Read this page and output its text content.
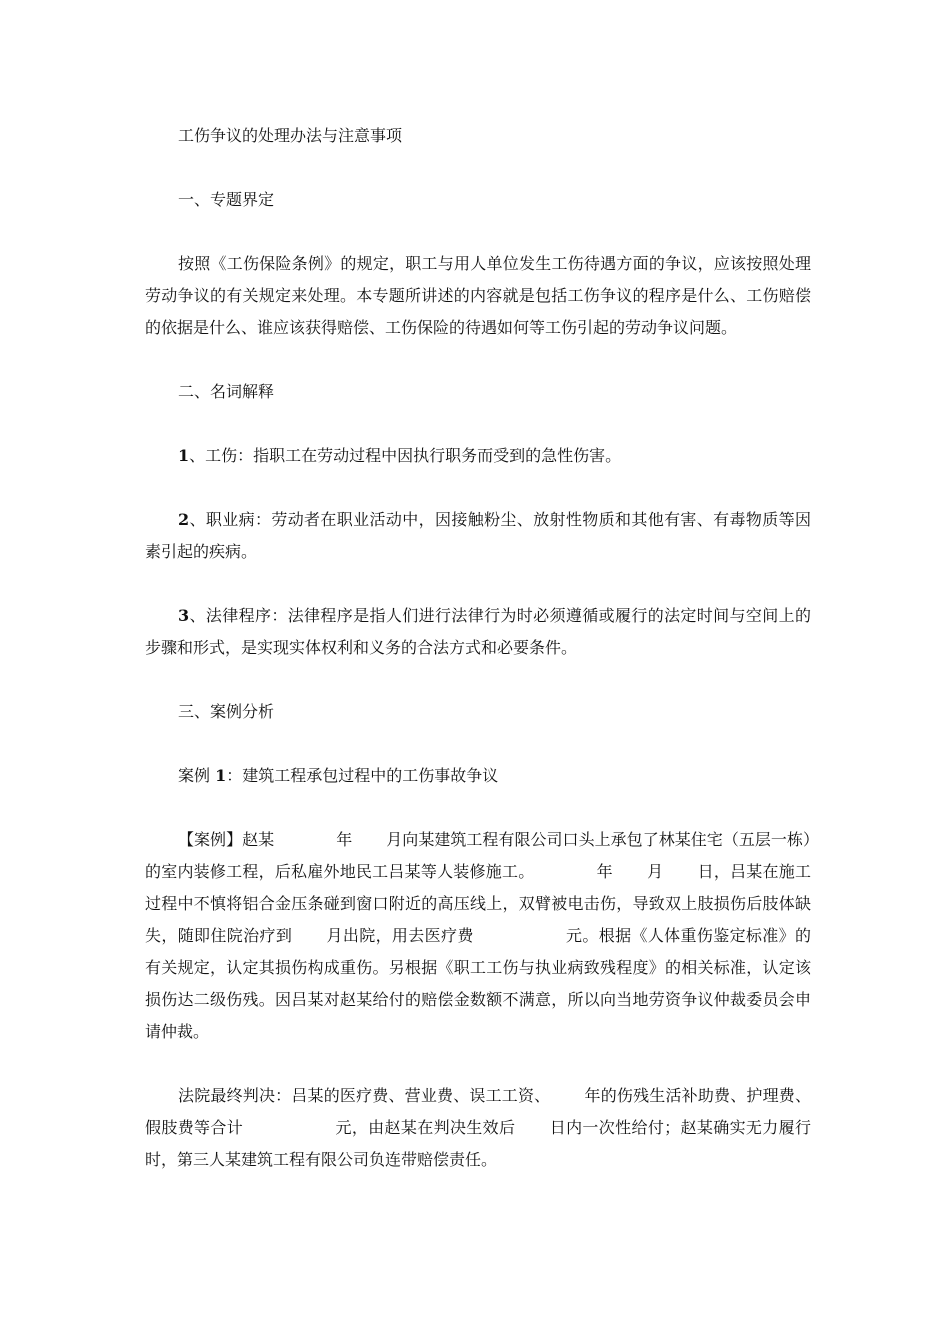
工伤争议的处理办法与注意事项

一、专题界定

按照《工伤保险条例》的规定，职工与用人单位发生工伤待遇方面的争议，应该按照处理劳动争议的有关规定来处理。本专题所讲述的内容就是包括工伤争议的程序是什么、工伤赔偿的依据是什么、谁应该获得赔偿、工伤保险的待遇如何等工伤引起的劳动争议问题。

二、名词解释

1、工伤：指职工在劳动过程中因执行职务而受到的急性伤害。

2、职业病：劳动者在职业活动中，因接触粉尘、放射性物质和其他有害、有毒物质等因素引起的疾病。

3、法律程序：法律程序是指人们进行法律行为时必须遵循或履行的法定时间与空间上的步骤和形式，是实现实体权利和义务的合法方式和必要条件。

三、案例分析

案例 1：建筑工程承包过程中的工伤事故争议

【案例】赵某	年 月向某建筑工程有限公司口头上承包了林某住宅（五层一栋）的室内装修工程，后私雇外地民工吕某等人装修施工。	年 月 日，吕某在施工过程中不慎将铝合金压条碰到窗口附近的高压线上，双臂被电击伤，导致双上肢损伤后肢体缺失，随即住院治疗到 月出院，用去医疗费	元。根据《人体重伤鉴定标准》的有关规定，认定其损伤构成重伤。另根据《职工工伤与执业病致残程度》的相关标准，认定该损伤达二级伤残。因吕某对赵某给付的赔偿金数额不满意，所以向当地劳资争议仲裁委员会申请仲裁。

法院最终判决：吕某的医疗费、营业费、误工工资、 年的伤残生活补助费、护理费、假肢费等合计	元，由赵某在判决生效后 日内一次性给付；赵某确实无力履行时，第三人某建筑工程有限公司负连带赔偿责任。
